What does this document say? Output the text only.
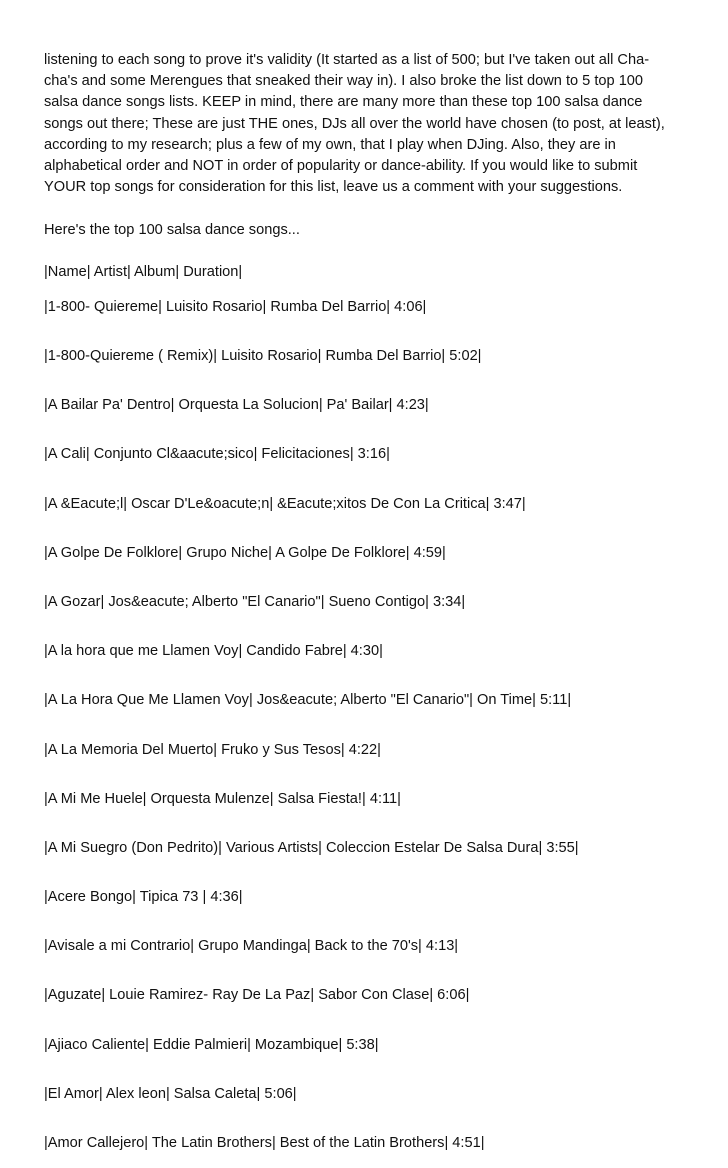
listening to each song to prove it's validity (It started as a list of 500; but I've taken out all Cha-

cha's and some Merengues that sneaked their way in). I also broke the list down to 5 top 100

salsa dance songs lists. KEEP in mind, there are many more than these top 100 salsa dance

songs out there; These are just THE ones, DJs all over the world have chosen (to post, at least),

according to my research; plus a few of my own, that I play when DJing. Also, they are in

alphabetical order and NOT in order of popularity or dance-ability. If you would like to submit

YOUR top songs for consideration for this list, leave us a comment with your suggestions.

Here's the top 100 salsa dance songs...

|Name| Artist| Album| Duration|

|1-800- Quiereme| Luisito Rosario| Rumba Del Barrio| 4:06|
|1-800-Quiereme ( Remix)| Luisito Rosario| Rumba Del Barrio| 5:02|
|A Bailar Pa' Dentro| Orquesta La Solucion| Pa' Bailar| 4:23|
|A Cali| Conjunto Cl&aacute;sico| Felicitaciones| 3:16|
|A &Eacute;l| Oscar D'Le&oacute;n| &Eacute;xitos De Con La Critica| 3:47|
|A Golpe De Folklore| Grupo Niche| A Golpe De Folklore| 4:59|
|A Gozar| Jos&eacute; Alberto "El Canario"| Sueno Contigo| 3:34|
|A la hora que me Llamen Voy| Candido Fabre| 4:30|
|A La Hora Que Me Llamen Voy| Jos&eacute; Alberto "El Canario"| On Time| 5:11|
|A La Memoria Del Muerto| Fruko y Sus Tesos| 4:22|
|A Mi Me Huele| Orquesta Mulenze| Salsa Fiesta!| 4:11|
|A Mi Suegro (Don Pedrito)| Various Artists| Coleccion Estelar De Salsa Dura| 3:55|
|Acere Bongo| Tipica 73 | 4:36|
|Avisale a mi Contrario| Grupo Mandinga| Back to the 70's| 4:13|
|Aguzate| Louie Ramirez- Ray De La Paz| Sabor Con Clase| 6:06|
|Ajiaco Caliente| Eddie Palmieri| Mozambique| 5:38|
|El Amor| Alex leon| Salsa Caleta| 5:06|
|Amor Callejero| The Latin Brothers| Best of the Latin Brothers| 4:51|
